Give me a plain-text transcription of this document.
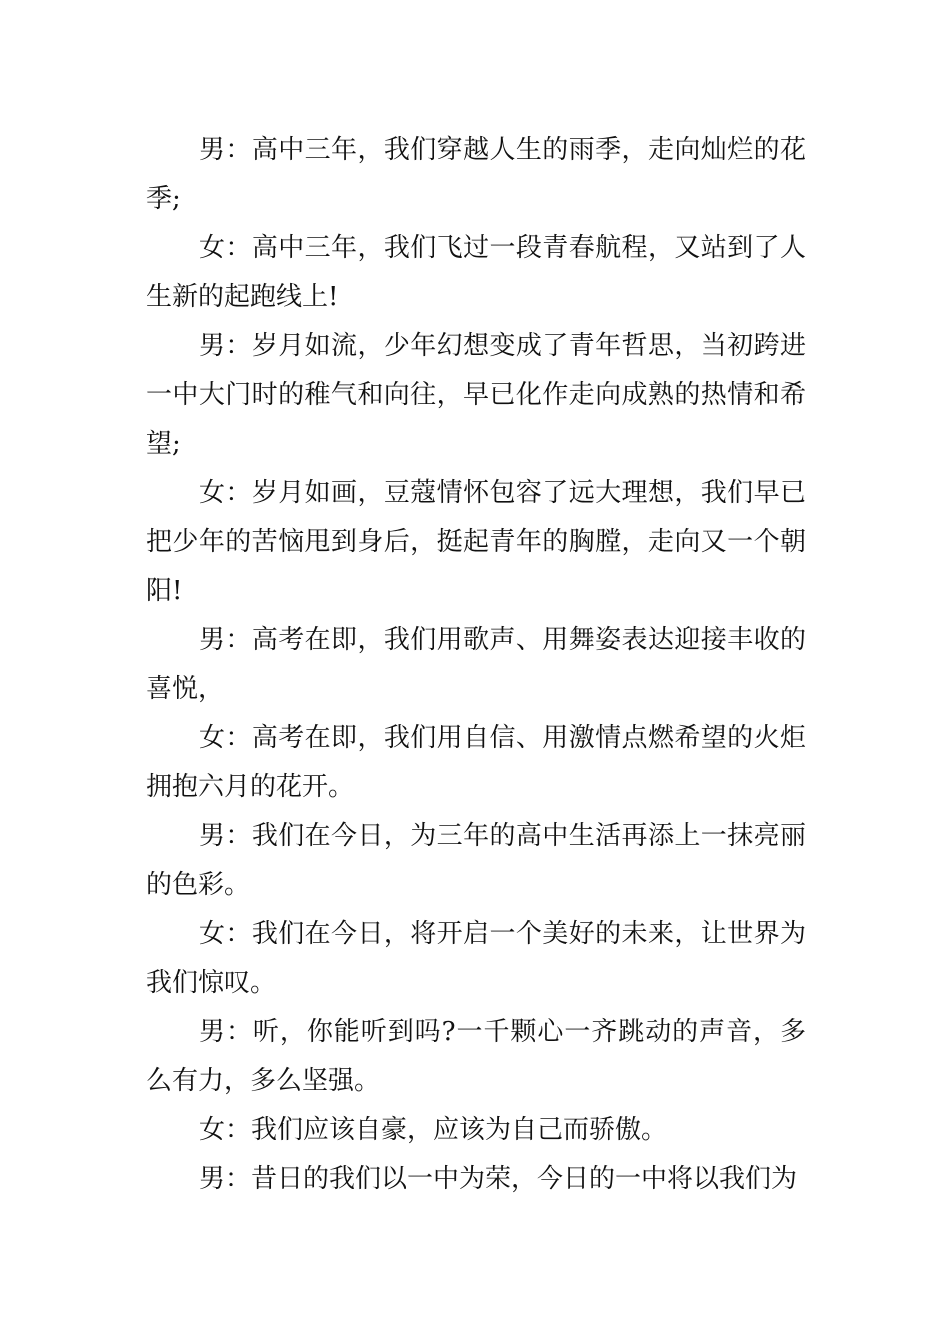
男：高中三年，我们穿越人生的雨季，走向灿烂的花季;

女：高中三年，我们飞过一段青春航程，又站到了人生新的起跑线上!

男：岁月如流，少年幻想变成了青年哲思，当初跨进一中大门时的稚气和向往，早已化作走向成熟的热情和希望;

女：岁月如画，豆蔻情怀包容了远大理想，我们早已把少年的苦恼甩到身后，挺起青年的胸膛，走向又一个朝阳!

男：高考在即，我们用歌声、用舞姿表达迎接丰收的喜悦，

女：高考在即，我们用自信、用激情点燃希望的火炬拥抱六月的花开。

男：我们在今日，为三年的高中生活再添上一抹亮丽的色彩。

女：我们在今日，将开启一个美好的未来，让世界为我们惊叹。

男：听，你能听到吗?一千颗心一齐跳动的声音，多么有力，多么坚强。

女：我们应该自豪，应该为自己而骄傲。

男：昔日的我们以一中为荣，今日的一中将以我们为
